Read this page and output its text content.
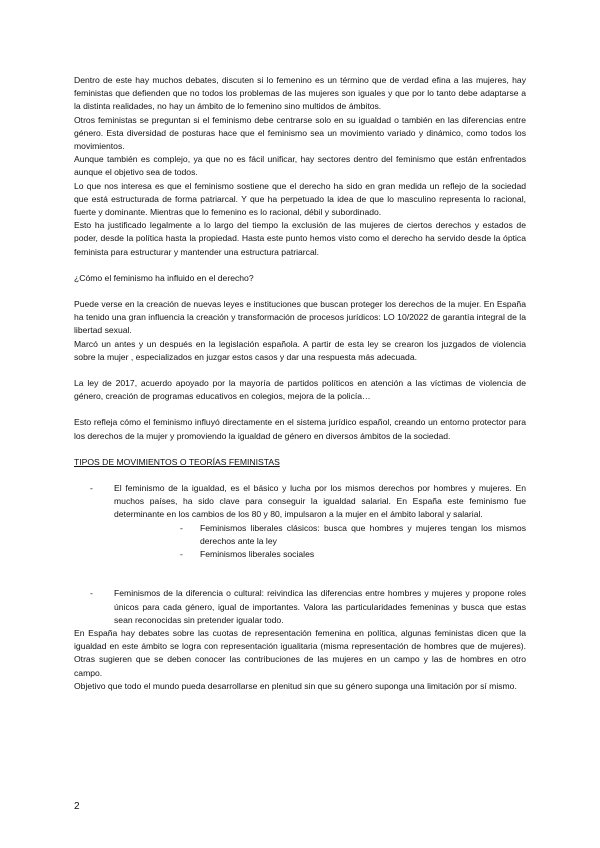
Dentro de este hay muchos debates, discuten si lo femenino es un término que de verdad efina a las mujeres, hay feministas que defienden que no todos los problemas de las mujeres son iguales y que por lo tanto debe adaptarse a la distinta realidades, no hay un ámbito de lo femenino sino multidos de ámbitos.

Otros feministas se preguntan si el feminismo debe centrarse solo en su igualdad o también en las diferencias entre género. Esta diversidad de posturas hace que el feminismo sea un movimiento variado y dinámico, como todos los movimientos.

Aunque también es complejo, ya que no es fácil unificar, hay sectores dentro del feminismo que están enfrentados aunque el objetivo sea de todos.

Lo que nos interesa es que el feminismo sostiene que el derecho ha sido en gran medida un reflejo de la sociedad que está estructurada de forma patriarcal. Y que ha perpetuado la idea de que lo masculino representa lo racional, fuerte y dominante. Mientras que lo femenino es lo racional, débil y subordinado.

Esto ha justificado legalmente a lo largo del tiempo la exclusión de las mujeres de ciertos derechos y estados de poder, desde la política hasta la propiedad. Hasta este punto hemos visto como el derecho ha servido desde la óptica feminista para estructurar y mantender una estructura patriarcal.

¿Cómo el feminismo ha influido en el derecho?

Puede verse en la creación de nuevas leyes e instituciones que buscan proteger los derechos de la mujer. En España ha tenido una gran influencia la creación y transformación de procesos jurídicos: LO 10/2022 de garantía integral de la libertad sexual.

Marcó un antes y un después en la legislación española. A partir de esta ley se crearon los juzgados de violencia sobre la mujer , especializados en juzgar estos casos y dar una respuesta más adecuada.

La ley de 2017, acuerdo apoyado por la mayoría de partidos políticos en atención a las víctimas de violencia de género, creación de programas educativos en colegios, mejora de la policía…

Esto refleja cómo el feminismo influyó directamente en el sistema jurídico español, creando un entorno protector para los derechos de la mujer y promoviendo la igualdad de género en diversos ámbitos de la sociedad.

TIPOS DE MOVIMIENTOS O TEORÍAS FEMINISTAS

- El feminismo de la igualdad, es el básico y lucha por los mismos derechos por hombres y mujeres. En muchos países, ha sido clave para conseguir la igualdad salarial. En España este feminismo fue determinante en los cambios de los 80 y 80, impulsaron a la mujer en el ámbito laboral y salarial.
- Feminismos liberales clásicos: busca que hombres y mujeres tengan los mismos derechos ante la ley
- Feminismos liberales sociales
- Feminismos de la diferencia o cultural: reivindica las diferencias entre hombres y mujeres y propone roles únicos para cada género, igual de importantes. Valora las particularidades femeninas y busca que estas sean reconocidas sin pretender igualar todo.

En España hay debates sobre las cuotas de representación femenina en política, algunas feministas dicen que la igualdad en este ámbito se logra con representación igualitaria (misma representación de hombres que de mujeres). Otras sugieren que se deben conocer las contribuciones de las mujeres en un campo y las de hombres en otro campo.

Objetivo que todo el mundo pueda desarrollarse en plenitud sin que su género suponga una limitación por sí mismo.

2
